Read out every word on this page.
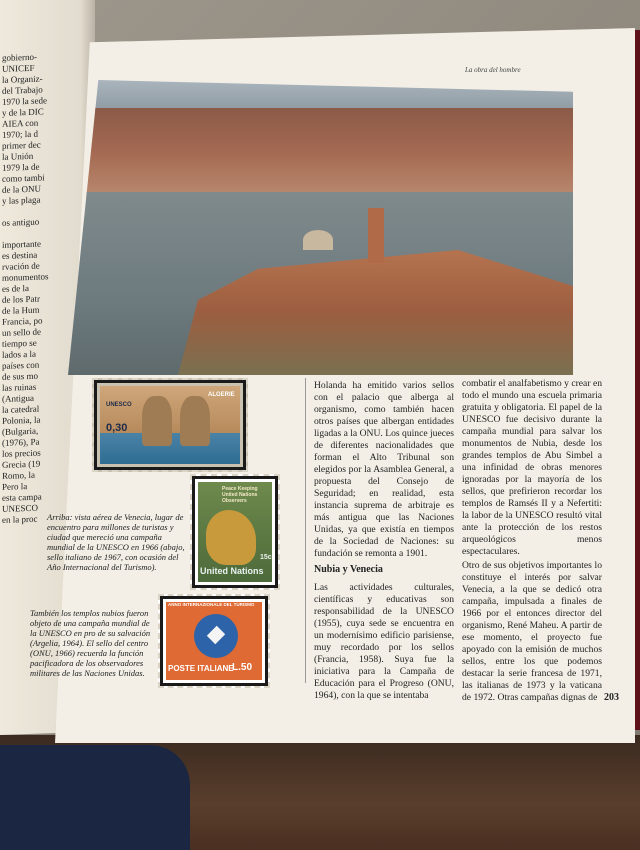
gobierno-
UNICEF
la Organiz-
del Trabajo
1970 la sede
y de la DIC
AIEA con
1970; la d
primer dec
la Unión
1979 la de
como tambi
de la ONU
y las plaga

os antiguo

importante
es destina
rvación de
monumentos
es de la
de los Patr
de la Hum
Francia, po
un sello de
tiempo se
lados a la
países con
de sus mo
las ruinas
(Antigua
la catedral
Polonia, la
(Bulgaria,
(1976), Pa
los precios
Grecia (19
Romo, la
Pero la
esta campa
UNESCO
en la proc

La obra del hombre
0,30
UNESCO
ALGERIE
Peace Keeping United Nations Observers
United Nations
15c
ANNO INTERNAZIONALE DEL TURISMO
POSTE ITALIANE
L.50
Arriba: vista aérea de Venecia, lugar de encuentro para millones de turistas y ciudad que mereció una campaña mundial de la UNESCO en 1966 (abajo, sello italiano de 1967, con ocasión del Año Internacional del Turismo).
También los templos nubios fueron objeto de una campaña mundial de la UNESCO en pro de su salvación (Argelia, 1964). El sello del centro (ONU, 1966) recuerda la función pacificadora de los observadores militares de las Naciones Unidas.

Holanda ha emitido varios sellos con el palacio que alberga al organismo, como también hacen otros países que albergan entidades ligadas a la ONU. Los quince jueces de diferentes nacionalidades que forman el Alto Tribunal son elegidos por la Asamblea General, a propuesta del Consejo de Seguridad; en realidad, esta instancia suprema de arbitraje es más antigua que las Naciones Unidas, ya que existía en tiempos de la Sociedad de Naciones: su fundación se remonta a 1901.

Nubia y Venecia

Las actividades culturales, científicas y educativas son responsabilidad de la UNESCO (1955), cuya sede se encuentra en un modernísimo edificio parisiense, muy recordado por los sellos (Francia, 1958). Suya fue la iniciativa para la Campaña de Educación para el Progreso (ONU, 1964), con la que se intentaba

combatir el analfabetismo y crear en todo el mundo una escuela primaria gratuita y obligatoria. El papel de la UNESCO fue decisivo durante la campaña mundial para salvar los monumentos de Nubia, desde los grandes templos de Abu Simbel a una infinidad de obras menores ignoradas por la mayoría de los sellos, que prefirieron recordar los templos de Ramsés II y a Nefertiti: la labor de la UNESCO resultó vital ante la protección de los restos arqueológicos menos espectaculares.

Otro de sus objetivos importantes lo constituye el interés por salvar Venecia, a la que se dedicó otra campaña, impulsada a finales de 1966 por el entonces director del organismo, René Maheu. A partir de ese momento, el proyecto fue apoyado con la emisión de muchos sellos, entre los que podemos destacar la serie francesa de 1971, las italianas de 1973 y la vaticana de 1972. Otras campañas dignas de 203
